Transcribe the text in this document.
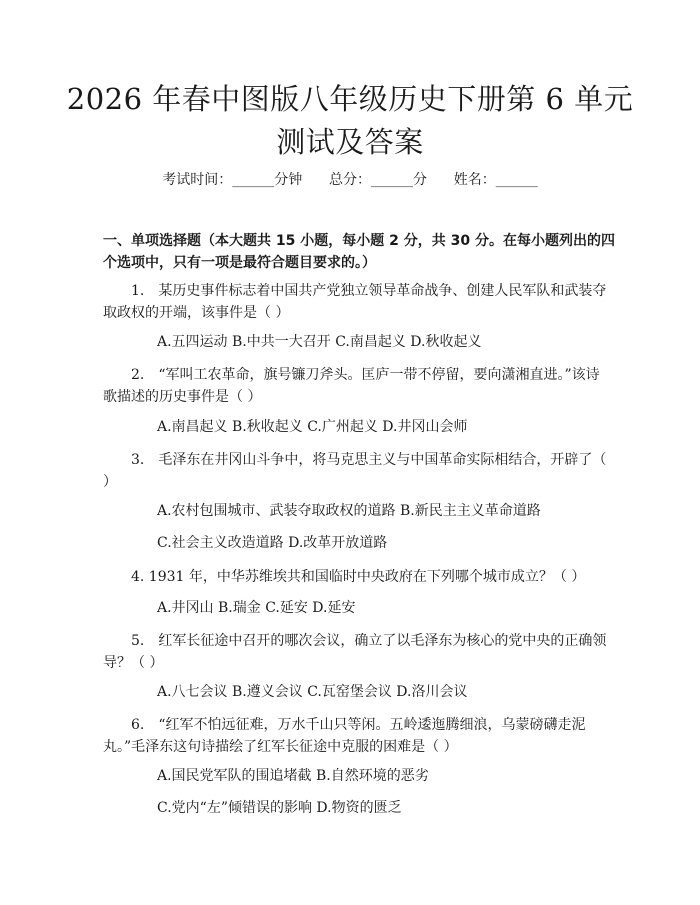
2026 年春中图版八年级历史下册第 6 单元测试及答案
考试时间：______分钟 总分：______分 姓名：______
一、单项选择题（本大题共 15 小题，每小题 2 分，共 30 分。在每小题列出的四个选项中，只有一项是最符合题目要求的。）
1.　某历史事件标志着中国共产党独立领导革命战争、创建人民军队和武装夺取政权的开端，该事件是（ ）
A.五四运动 B.中共一大召开 C.南昌起义 D.秋收起义
2.　“军叫工农革命，旗号镰刀斧头。匡庐一带不停留，要向潇湘直进。”该诗歌描述的历史事件是（ ）
A.南昌起义 B.秋收起义 C.广州起义 D.井冈山会师
3.　毛泽东在井冈山斗争中，将马克思主义与中国革命实际相结合，开辟了（ ）
A.农村包围城市、武装夺取政权的道路 B.新民主主义革命道路
C.社会主义改造道路 D.改革开放道路
4. 1931 年，中华苏维埃共和国临时中央政府在下列哪个城市成立？（ ）
A.井冈山 B.瑞金 C.延安 D.延安
5.　红军长征途中召开的哪次会议，确立了以毛泽东为核心的党中央的正确领导？（ ）
A.八七会议 B.遵义会议 C.瓦窑堡会议 D.洛川会议
6.　“红军不怕远征难，万水千山只等闲。五岭逶迤腾细浪，乌蒙磅礴走泥丸。”毛泽东这句诗描绘了红军长征途中克服的困难是（ ）
A.国民党军队的围追堵截 B.自然环境的恶劣
C.党内“左”倾错误的影响 D.物资的匮乏
